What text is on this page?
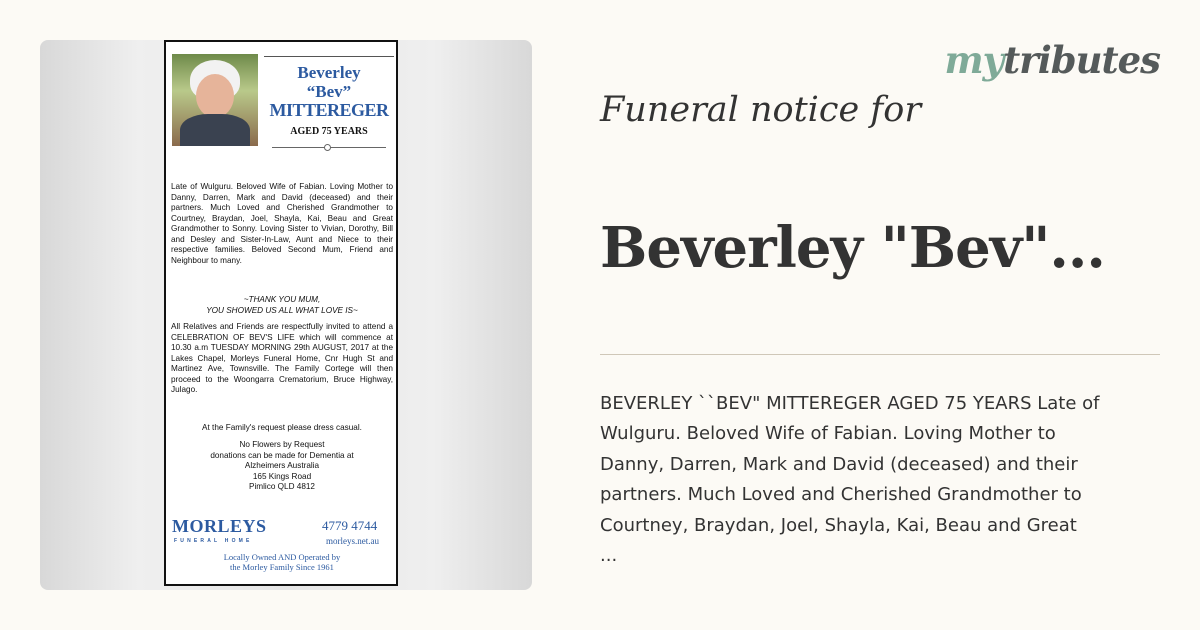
Beverley
“Bev”
MITTEREGER
AGED 75 YEARS
Late of Wulguru. Beloved Wife of Fabian. Loving Mother to Danny, Darren, Mark and David (deceased) and their partners. Much Loved and Cherished Grandmother to Courtney, Braydan, Joel, Shayla, Kai, Beau and Great Grandmother to Sonny. Loving Sister to Vivian, Dorothy, Bill and Desley and Sister-In-Law, Aunt and Niece to their respective families. Beloved Second Mum, Friend and Neighbour to many.
~THANK YOU MUM,
YOU SHOWED US ALL WHAT LOVE IS~
All Relatives and Friends are respectfully invited to attend a CELEBRATION OF BEV'S LIFE which will commence at 10.30 a.m TUESDAY MORNING 29th AUGUST, 2017 at the Lakes Chapel, Morleys Funeral Home, Cnr Hugh St and Martinez Ave, Townsville. The Family Cortege will then proceed to the Woongarra Crematorium, Bruce Highway, Julago.
At the Family's request please dress casual.
No Flowers by Request
donations can be made for Dementia at
Alzheimers Australia
165 Kings Road
Pimlico QLD 4812
MORLEYS
FUNERAL HOME
4779 4744
morleys.net.au
Locally Owned AND Operated by
the Morley Family Since 1961
mytributes
Funeral notice for
Beverley "Bev"...

BEVERLEY ``BEV" MITTEREGER AGED 75 YEARS Late of

Wulguru. Beloved Wife of Fabian. Loving Mother to

Danny, Darren, Mark and David (deceased) and their

partners. Much Loved and Cherished Grandmother to

Courtney, Braydan, Joel, Shayla, Kai, Beau and Great

...
